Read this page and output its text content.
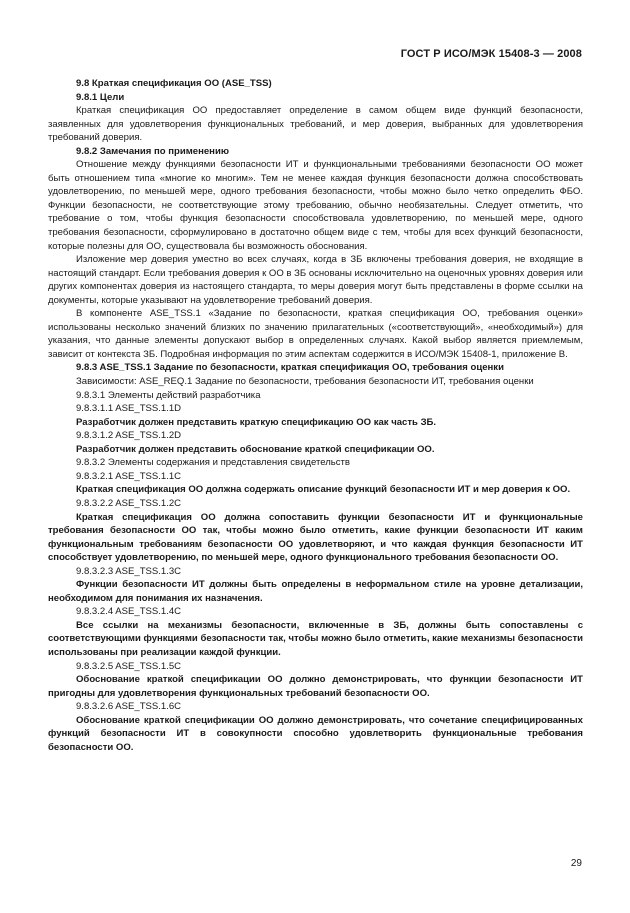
ГОСТ Р ИСО/МЭК 15408-3 — 2008

9.8 Краткая спецификация ОО (ASE_TSS)

9.8.1 Цели

Краткая спецификация ОО предоставляет определение в самом общем виде функций безопасности, заявленных для удовлетворения функциональных требований, и мер доверия, выбранных для удовлетворения требований доверия.

9.8.2 Замечания по применению

Отношение между функциями безопасности ИТ и функциональными требованиями безопасности ОО может быть отношением типа «многие ко многим». Тем не менее каждая функция безопасности должна способствовать удовлетворению, по меньшей мере, одного требования безопасности, чтобы можно было четко определить ФБО. Функции безопасности, не соответствующие этому требованию, обычно необязательны. Следует отметить, что требование о том, чтобы функция безопасности способствовала удовлетворению, по меньшей мере, одного требования безопасности, сформулировано в достаточно общем виде с тем, чтобы для всех функций безопасности, которые полезны для ОО, существовала бы возможность обоснования.

Изложение мер доверия уместно во всех случаях, когда в ЗБ включены требования доверия, не входящие в настоящий стандарт. Если требования доверия к ОО в ЗБ основаны исключительно на оценочных уровнях доверия или других компонентах доверия из настоящего стандарта, то меры доверия могут быть представлены в форме ссылки на документы, которые указывают на удовлетворение требований доверия.

В компоненте ASE_TSS.1 «Задание по безопасности, краткая спецификация ОО, требования оценки» использованы несколько значений близких по значению прилагательных («соответствующий», «необходимый») для указания, что данные элементы допускают выбор в определенных случаях. Какой выбор является приемлемым, зависит от контекста ЗБ. Подробная информация по этим аспектам содержится в ИСО/МЭК 15408-1, приложение В.

9.8.3 ASE_TSS.1 Задание по безопасности, краткая спецификация ОО, требования оценки

Зависимости: ASE_REQ.1 Задание по безопасности, требования безопасности ИТ, требования оценки

9.8.3.1 Элементы действий разработчика

9.8.3.1.1 ASE_TSS.1.1D

Разработчик должен представить краткую спецификацию ОО как часть ЗБ.

9.8.3.1.2 ASE_TSS.1.2D

Разработчик должен представить обоснование краткой спецификации ОО.

9.8.3.2 Элементы содержания и представления свидетельств

9.8.3.2.1 ASE_TSS.1.1C

Краткая спецификация ОО должна содержать описание функций безопасности ИТ и мер доверия к ОО.

9.8.3.2.2 ASE_TSS.1.2C

Краткая спецификация ОО должна сопоставить функции безопасности ИТ и функциональные требования безопасности ОО так, чтобы можно было отметить, какие функции безопасности ИТ каким функциональным требованиям безопасности ОО удовлетворяют, и что каждая функция безопасности ИТ способствует удовлетворению, по меньшей мере, одного функционального требования безопасности ОО.

9.8.3.2.3 ASE_TSS.1.3C

Функции безопасности ИТ должны быть определены в неформальном стиле на уровне детализации, необходимом для понимания их назначения.

9.8.3.2.4 ASE_TSS.1.4C

Все ссылки на механизмы безопасности, включенные в ЗБ, должны быть сопоставлены с соответствующими функциями безопасности так, чтобы можно было отметить, какие механизмы безопасности использованы при реализации каждой функции.

9.8.3.2.5 ASE_TSS.1.5C

Обоснование краткой спецификации ОО должно демонстрировать, что функции безопасности ИТ пригодны для удовлетворения функциональных требований безопасности ОО.

9.8.3.2.6 ASE_TSS.1.6C

Обоснование краткой спецификации ОО должно демонстрировать, что сочетание специфицированных функций безопасности ИТ в совокупности способно удовлетворить функциональные требования безопасности ОО.

29
